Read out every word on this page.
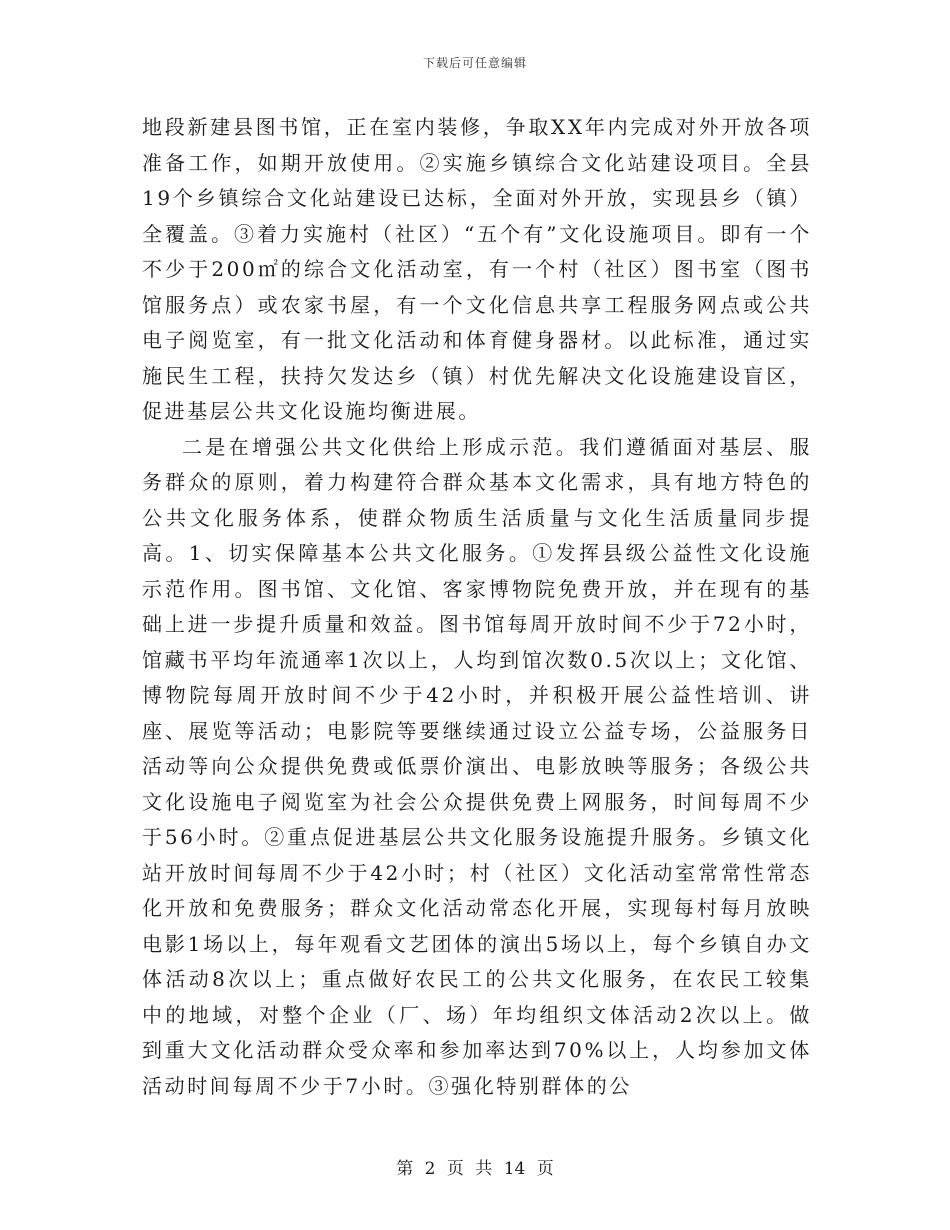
下载后可任意编辑

地段新建县图书馆，正在室内装修，争取XX年内完成对外开放各项准备工作，如期开放使用。②实施乡镇综合文化站建设项目。全县19个乡镇综合文化站建设已达标，全面对外开放，实现县乡（镇）全覆盖。③着力实施村（社区）“五个有”文化设施项目。即有一个不少于200㎡的综合文化活动室，有一个村（社区）图书室（图书馆服务点）或农家书屋，有一个文化信息共享工程服务网点或公共电子阅览室，有一批文化活动和体育健身器材。以此标准，通过实施民生工程，扶持欠发达乡（镇）村优先解决文化设施建设盲区，促进基层公共文化设施均衡进展。

二是在增强公共文化供给上形成示范。我们遵循面对基层、服务群众的原则，着力构建符合群众基本文化需求，具有地方特色的公共文化服务体系，使群众物质生活质量与文化生活质量同步提高。1、切实保障基本公共文化服务。①发挥县级公益性文化设施示范作用。图书馆、文化馆、客家博物院免费开放，并在现有的基础上进一步提升质量和效益。图书馆每周开放时间不少于72小时，馆藏书平均年流通率1次以上，人均到馆次数0.5次以上；文化馆、博物院每周开放时间不少于42小时，并积极开展公益性培训、讲座、展览等活动；电影院等要继续通过设立公益专场，公益服务日活动等向公众提供免费或低票价演出、电影放映等服务；各级公共文化设施电子阅览室为社会公众提供免费上网服务，时间每周不少于56小时。②重点促进基层公共文化服务设施提升服务。乡镇文化站开放时间每周不少于42小时；村（社区）文化活动室常常性常态化开放和免费服务；群众文化活动常态化开展，实现每村每月放映电影1场以上，每年观看文艺团体的演出5场以上，每个乡镇自办文体活动8次以上；重点做好农民工的公共文化服务，在农民工较集中的地域，对整个企业（厂、场）年均组织文体活动2次以上。做到重大文化活动群众受众率和参加率达到70%以上，人均参加文体活动时间每周不少于7小时。③强化特别群体的公

第 2 页 共 14 页
